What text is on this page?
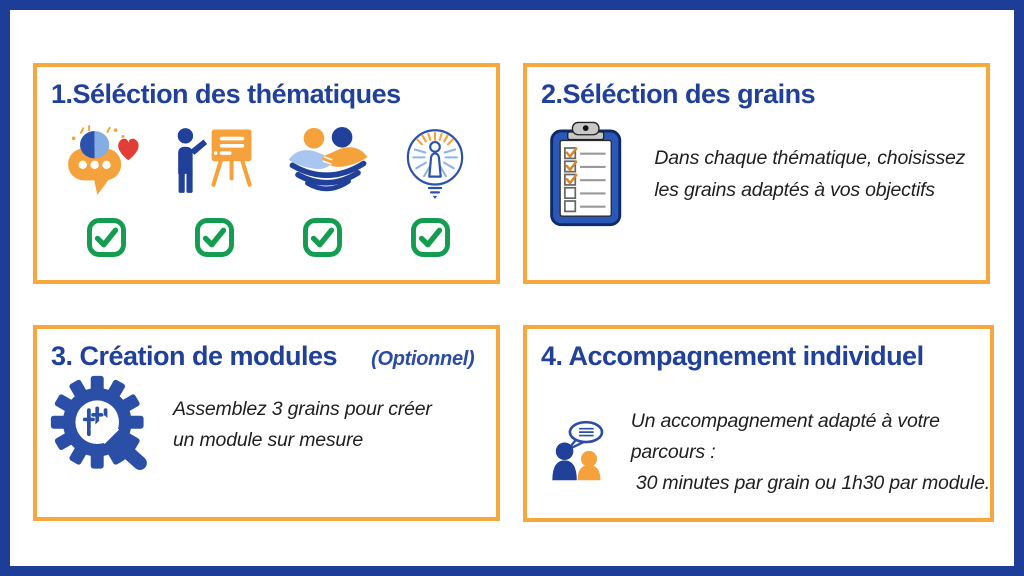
1.Séléction des thématiques	2.Séléction des grains

Dans chaque thématique, choisissez les grains adaptés à vos objectifs

3. Création de modules (Optionnel)

Assemblez 3 grains pour créer un module sur mesure

4. Accompagnement individuel

Un accompagnement adapté à votre parcours :
30 minutes par grain ou 1h30 par module.
